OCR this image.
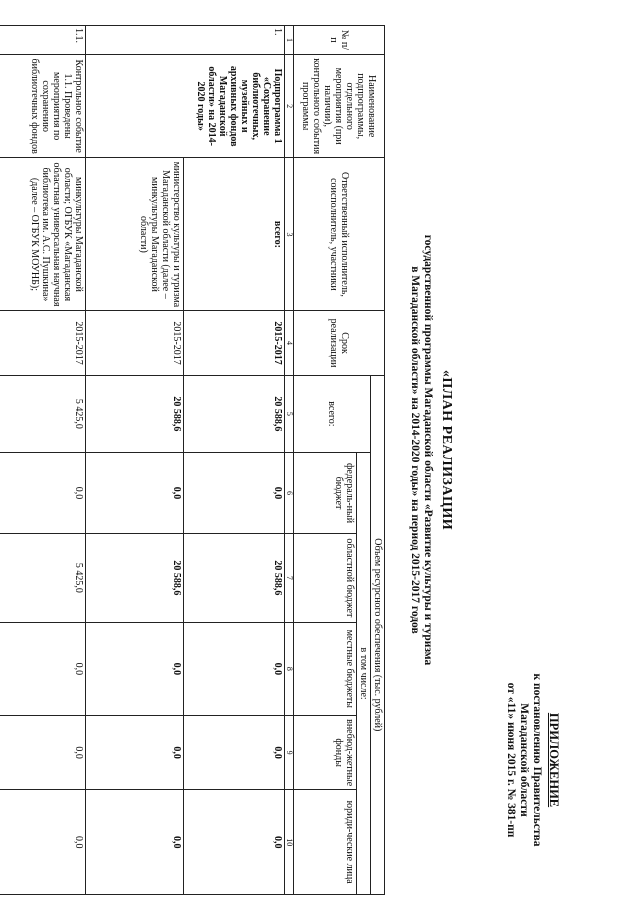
ПРИЛОЖЕНИЕ
к постановлению Правительства
Магаданской области
от «11» июня 2015 г. № 381-пп
«ПЛАН РЕАЛИЗАЦИИ
государственной программы Магаданской области «Развитие культуры и туризма
в Магаданской области» на 2014-2020 годы» на период 2015-2017 годов
№ п/п	Наименование подпрограммы, отдельного мероприятия (при наличии), контрольного события программы	Ответственный исполнитель, соисполнитель, участники	Срок реализации	Объем ресурсного обеспечения (тыс. рублей)					
				всего:	в том числе:				
					федераль-ный бюджет	областной бюджет	местные бюджеты	внебюд-жетные фонды	юриди-ческие лица
1	2	3	4	5	6	7	8	9	10
1.	Подпрограмма 1 «Сохранение библиотечных, музейных и архивных фондов Магаданской области» на 2014-2020 годы»	всего:	2015-2017	20 588,6	0,0	20 588,6	0,0	0,0	0,0
		министерство культуры и туризма Магаданской области (далее – минкультуры Магаданской области)	2015-2017	20 588,6	0,0	20 588,6	0,0	0,0	0,0
1.1.	Контрольное событие 1.1. Проведены мероприятия по сохранению библиотечных фондов	минкультуры Магаданской области; ОГБУК «Магаданская областная универсальная научная библиотека им. А.С. Пушкина» (далее – ОГБУК МОУНБ);	2015-2017	5 425,0	0,0	5 425,0	0,0	0,0	0,0
